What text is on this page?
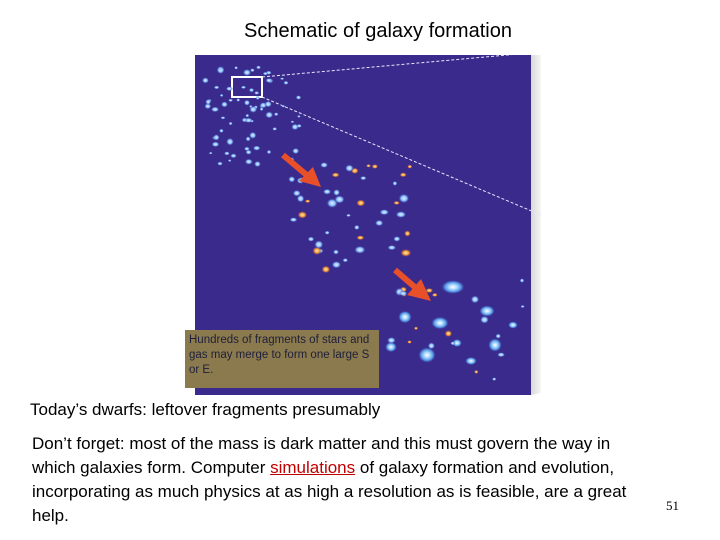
Schematic of galaxy formation
Hundreds of fragments of stars and gas may merge to form one large S or E.
Today’s dwarfs: leftover fragments presumably
Don’t forget: most of the mass is dark matter and this must govern the way in which galaxies form. Computer simulations of galaxy formation and evolution, incorporating as much physics at as high a resolution as is feasible, are a great help.
51
